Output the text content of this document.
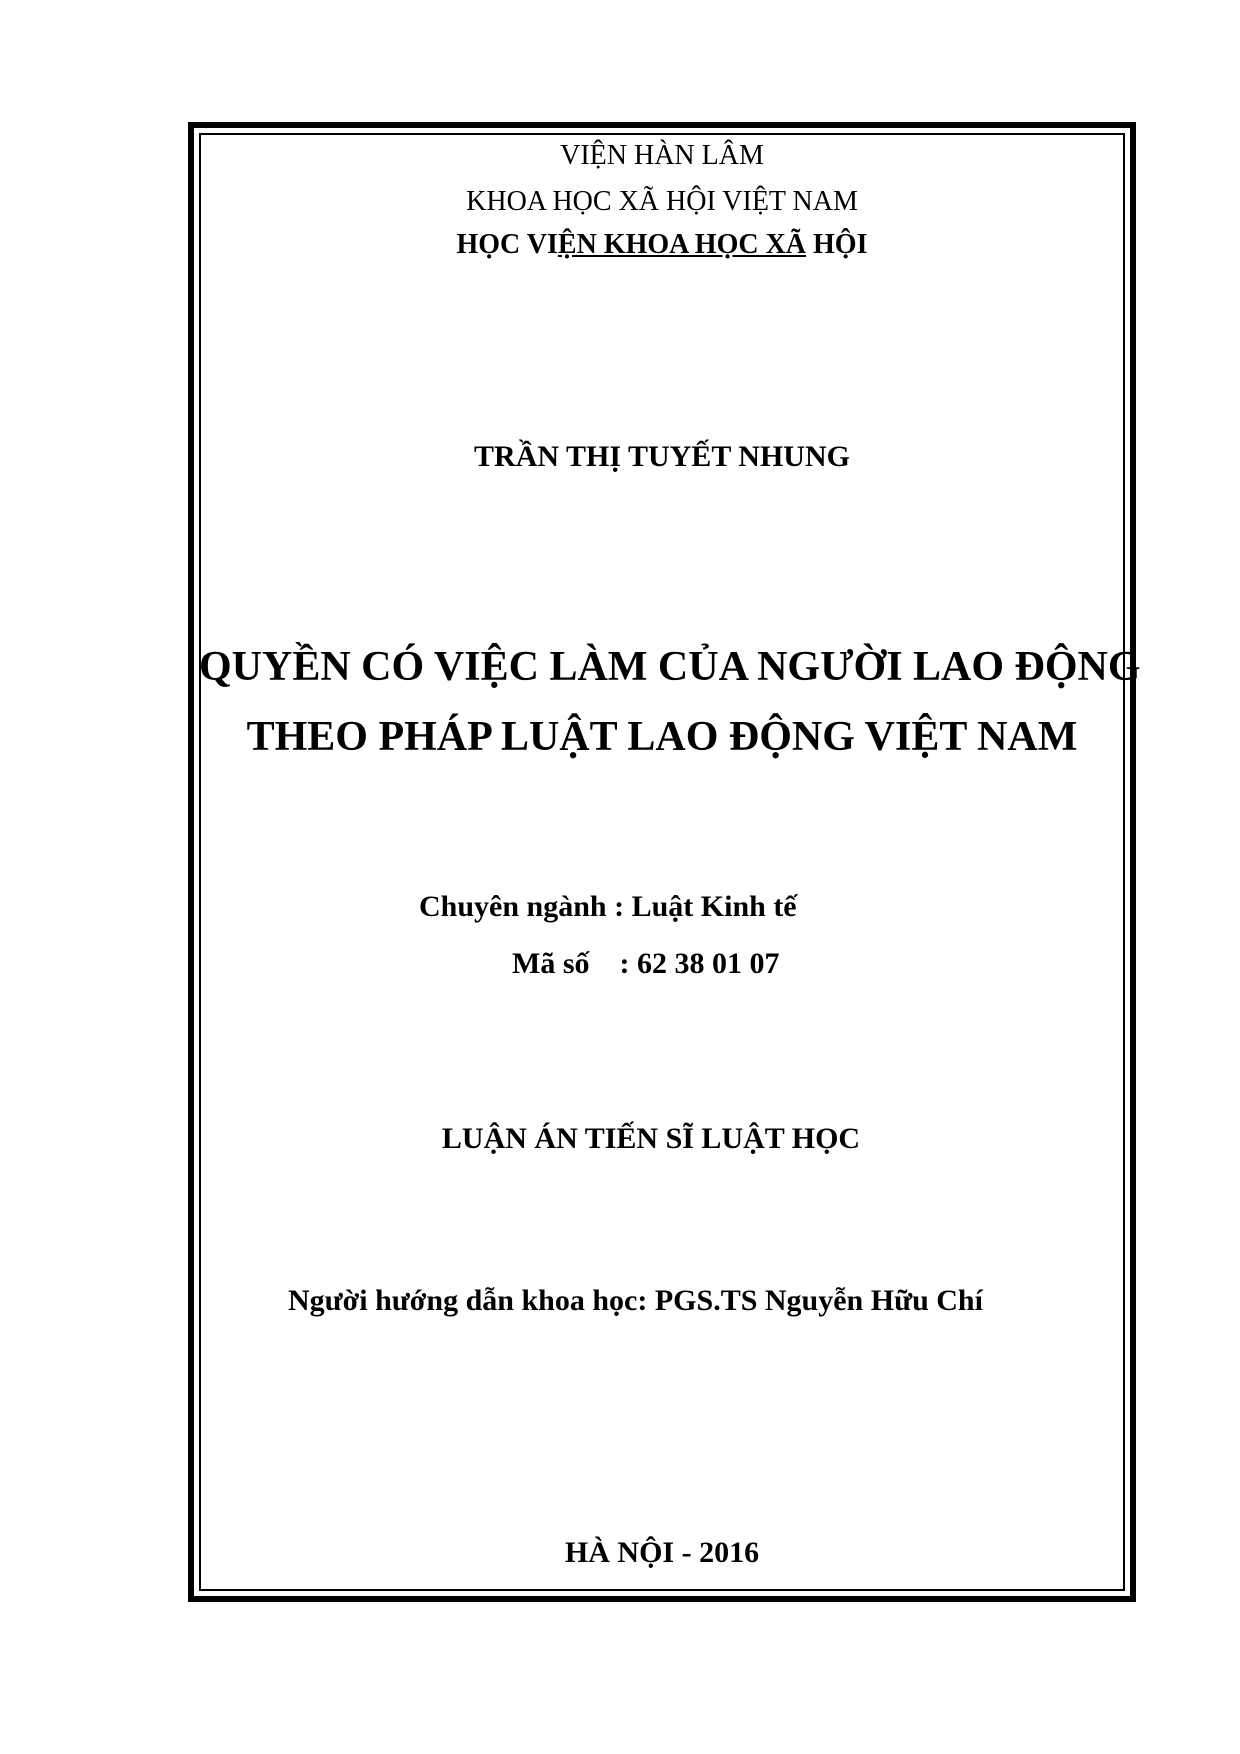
VIỆN HÀN LÂM
KHOA HỌC XÃ HỘI VIỆT NAM
HỌC VIỆN KHOA HỌC XÃ HỘI
TRẦN THỊ TUYẾT NHUNG
QUYỀN CÓ VIỆC LÀM CỦA NGƯỜI LAO ĐỘNG
THEO PHÁP LUẬT LAO ĐỘNG VIỆT NAM
Chuyên ngành : Luật Kinh tế
Mã số    : 62 38 01 07
LUẬN ÁN TIẾN SĨ LUẬT HỌC
Người hướng dẫn khoa học: PGS.TS Nguyễn Hữu Chí
HÀ NỘI - 2016
